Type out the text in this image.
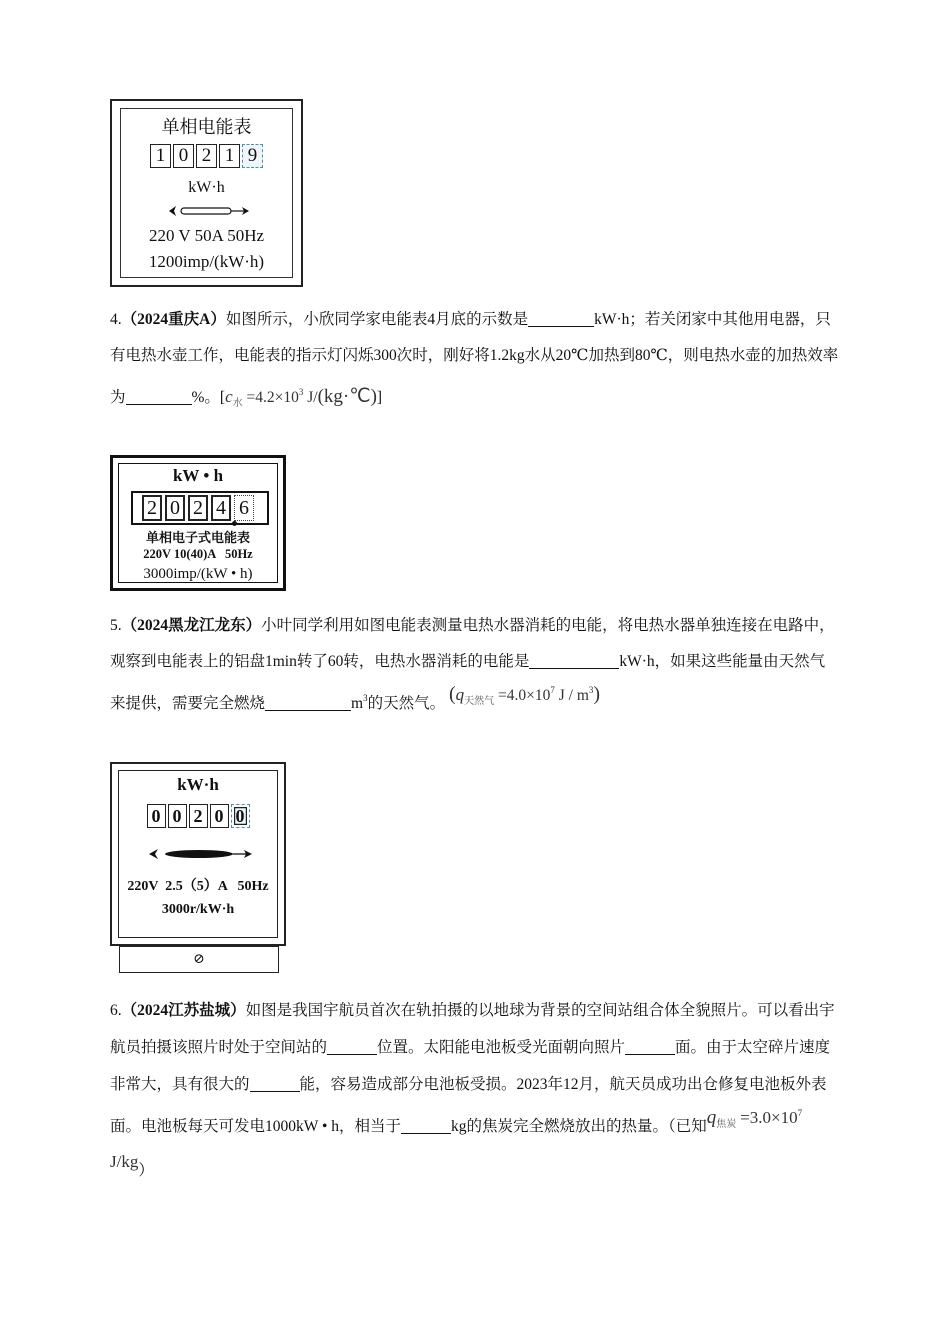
单相电能表
1 0 2 1 9
kW·h
220 V 50A 50Hz
1200imp/(kW·h)
4.（2024重庆A）如图所示，小欣同学家电能表4月底的示数是	kW·h；若关闭家中其他用电器，只有电热水壶工作，电能表的指示灯闪烁300次时，刚好将1.2kg水从20℃加热到80℃，则电热水壶的加热效率为	%。[$c_水 =4.2\times 10^3$ J/(kg·℃)]
kW • h
2 0 2 4 6
单相电子式电能表
220V 10(40)A   50Hz
3000imp/(kW • h)
5.（2024黑龙江龙东）小叶同学利用如图电能表测量电热水器消耗的电能，将电热水器单独连接在电路中，观察到电能表上的铝盘1min转了60转，电热水器消耗的电能是	kW·h，如果这些能量由天然气来提供，需要完全燃烧	$m^3$的天然气。 ($q_{天然气} =4.0\times 10^7$ J / $m^3$)
kW·h
0 0 2 0 0
220V  2.5（5）A   50Hz
3000r/kW·h
⊘
6.（2024江苏盐城）如图是我国宇航员首次在轨拍摄的以地球为背景的空间站组合体全貌照片。可以看出宇航员拍摄该照片时处于空间站的	位置。太阳能电池板受光面朝向照片	面。由于太空碎片速度非常大，具有很大的	能，容易造成部分电池板受损。2023年12月，航天员成功出仓修复电池板外表面。电池板每天可发电1000kW • h，相当于	kg的焦炭完全燃烧放出的热量。（已知$q_{焦炭} =3.0\times 10^7$ J/kg）
